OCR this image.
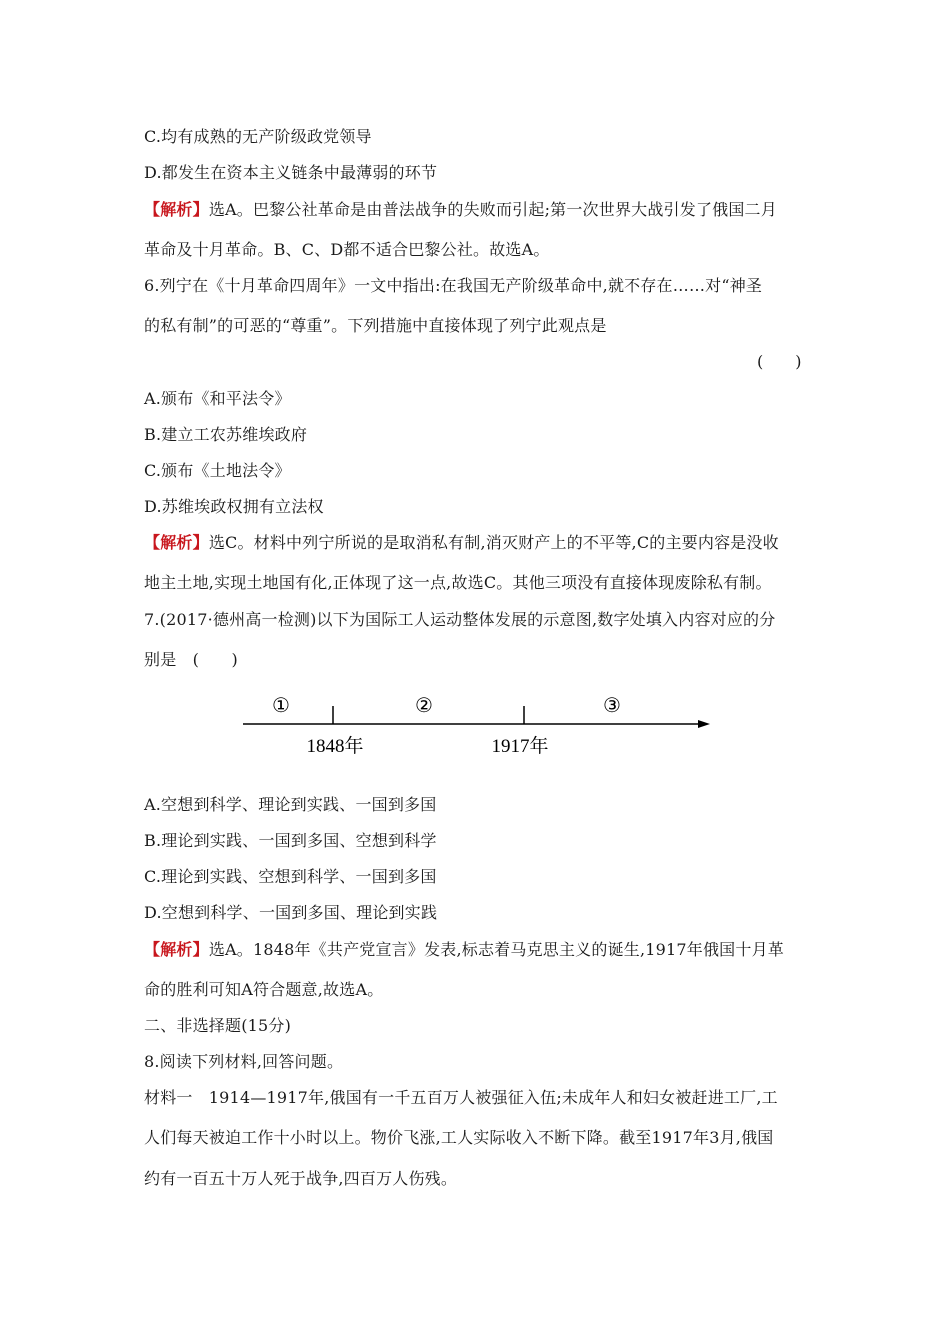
C.均有成熟的无产阶级政党领导
D.都发生在资本主义链条中最薄弱的环节
【解析】选A。巴黎公社革命是由普法战争的失败而引起;第一次世界大战引发了俄国二月
革命及十月革命。B、C、D都不适合巴黎公社。故选A。
6.列宁在《十月革命四周年》一文中指出:在我国无产阶级革命中,就不存在……对“神圣
的私有制”的可恶的“尊重”。下列措施中直接体现了列宁此观点是
(　　)
A.颁布《和平法令》
B.建立工农苏维埃政府
C.颁布《土地法令》
D.苏维埃政权拥有立法权
【解析】选C。材料中列宁所说的是取消私有制,消灭财产上的不平等,C的主要内容是没收
地主土地,实现土地国有化,正体现了这一点,故选C。其他三项没有直接体现废除私有制。
7.(2017·德州高一检测)以下为国际工人运动整体发展的示意图,数字处填入内容对应的分
别是　(　　)
①	②	③
1848年	1917年
A.空想到科学、理论到实践、一国到多国
B.理论到实践、一国到多国、空想到科学
C.理论到实践、空想到科学、一国到多国
D.空想到科学、一国到多国、理论到实践
【解析】选A。1848年《共产党宣言》发表,标志着马克思主义的诞生,1917年俄国十月革
命的胜利可知A符合题意,故选A。
二、非选择题(15分)
8.阅读下列材料,回答问题。
材料一　1914—1917年,俄国有一千五百万人被强征入伍;未成年人和妇女被赶进工厂,工
人们每天被迫工作十小时以上。物价飞涨,工人实际收入不断下降。截至1917年3月,俄国
约有一百五十万人死于战争,四百万人伤残。
